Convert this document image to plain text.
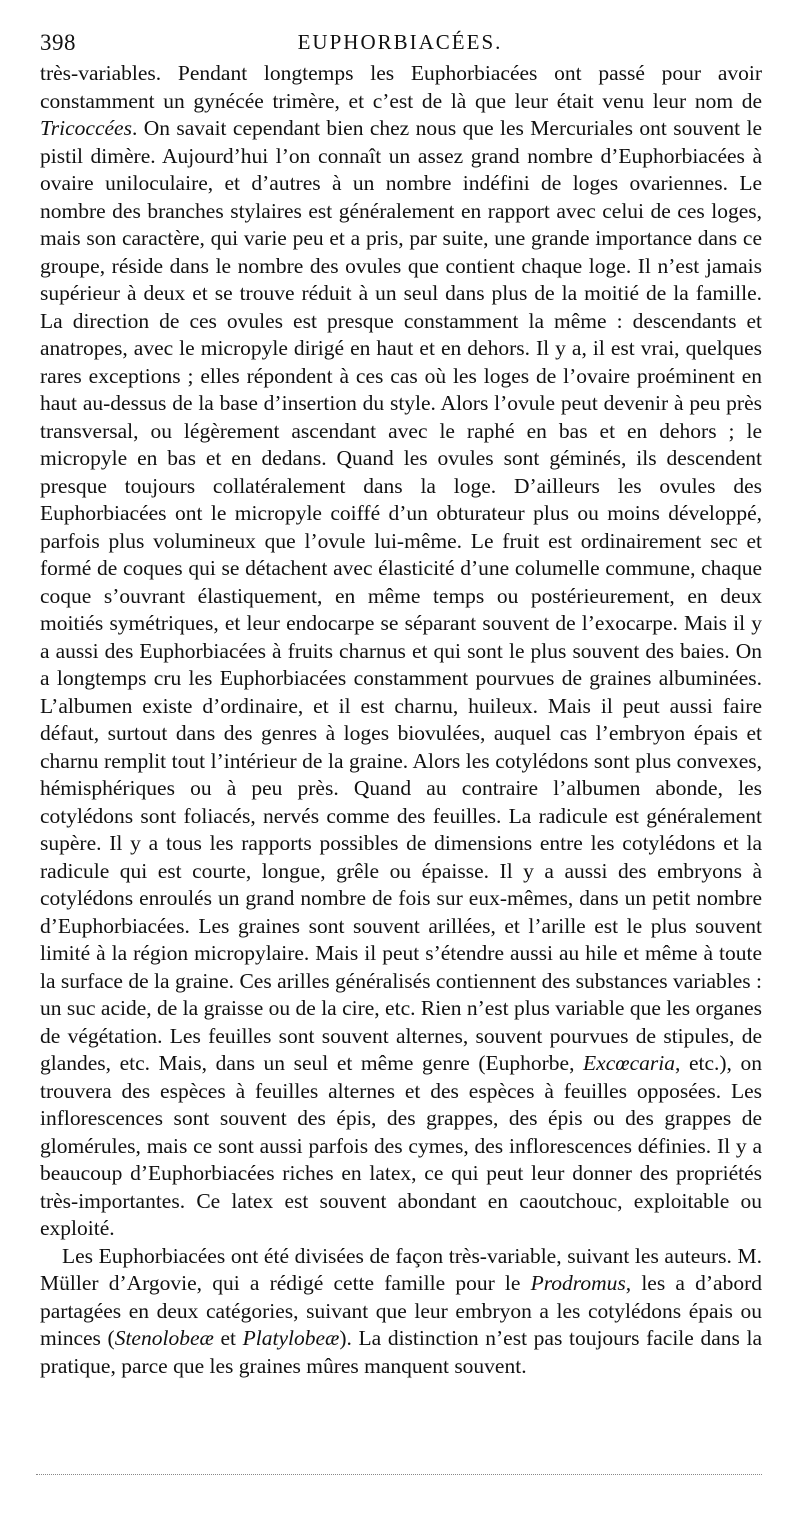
398	EUPHORBIACÉES.

très-variables. Pendant longtemps les Euphorbiacées ont passé pour avoir constamment un gynécée trimère, et c’est de là que leur était venu leur nom de Tricoccées. On savait cependant bien chez nous que les Mercuriales ont souvent le pistil dimère. Aujourd’hui l’on connaît un assez grand nombre d’Euphorbiacées à ovaire uniloculaire, et d’autres à un nombre indéfini de loges ovariennes. Le nombre des branches stylaires est généralement en rapport avec celui de ces loges, mais son caractère, qui varie peu et a pris, par suite, une grande importance dans ce groupe, réside dans le nombre des ovules que contient chaque loge. Il n’est jamais supérieur à deux et se trouve réduit à un seul dans plus de la moitié de la famille. La direction de ces ovules est presque constamment la même : descendants et anatropes, avec le micropyle dirigé en haut et en dehors. Il y a, il est vrai, quelques rares exceptions ; elles répondent à ces cas où les loges de l’ovaire proéminent en haut au-dessus de la base d’insertion du style. Alors l’ovule peut devenir à peu près transversal, ou légèrement ascendant avec le raphé en bas et en dehors ; le micropyle en bas et en dedans. Quand les ovules sont géminés, ils descendent presque toujours collatéralement dans la loge. D’ailleurs les ovules des Euphorbiacées ont le micropyle coiffé d’un obturateur plus ou moins développé, parfois plus volumineux que l’ovule lui-même. Le fruit est ordinairement sec et formé de coques qui se détachent avec élasticité d’une columelle commune, chaque coque s’ouvrant élastiquement, en même temps ou postérieurement, en deux moitiés symétriques, et leur endocarpe se séparant souvent de l’exocarpe. Mais il y a aussi des Euphorbiacées à fruits charnus et qui sont le plus souvent des baies. On a longtemps cru les Euphorbiacées constamment pourvues de graines albuminées. L’albumen existe d’ordinaire, et il est charnu, huileux. Mais il peut aussi faire défaut, surtout dans des genres à loges biovulées, auquel cas l’embryon épais et charnu remplit tout l’intérieur de la graine. Alors les cotylédons sont plus convexes, hémisphériques ou à peu près. Quand au contraire l’albumen abonde, les cotylédons sont foliacés, nervés comme des feuilles. La radicule est généralement supère. Il y a tous les rapports possibles de dimensions entre les cotylédons et la radicule qui est courte, longue, grêle ou épaisse. Il y a aussi des embryons à cotylédons enroulés un grand nombre de fois sur eux-mêmes, dans un petit nombre d’Euphorbiacées. Les graines sont souvent arillées, et l’arille est le plus souvent limité à la région micropylaire. Mais il peut s’étendre aussi au hile et même à toute la surface de la graine. Ces arilles généralisés contiennent des substances variables : un suc acide, de la graisse ou de la cire, etc. Rien n’est plus variable que les organes de végétation. Les feuilles sont souvent alternes, souvent pourvues de stipules, de glandes, etc. Mais, dans un seul et même genre (Euphorbe, Excœcaria, etc.), on trouvera des espèces à feuilles alternes et des espèces à feuilles opposées. Les inflorescences sont souvent des épis, des grappes, des épis ou des grappes de glomérules, mais ce sont aussi parfois des cymes, des inflorescences définies. Il y a beaucoup d’Euphorbiacées riches en latex, ce qui peut leur donner des propriétés très-importantes. Ce latex est souvent abondant en caoutchouc, exploitable ou exploité.

Les Euphorbiacées ont été divisées de façon très-variable, suivant les auteurs. M. Müller d’Argovie, qui a rédigé cette famille pour le Prodromus, les a d’abord partagées en deux catégories, suivant que leur embryon a les cotylédons épais ou minces (Stenolobeæ et Platylobeæ). La distinction n’est pas toujours facile dans la pratique, parce que les graines mûres manquent souvent.
